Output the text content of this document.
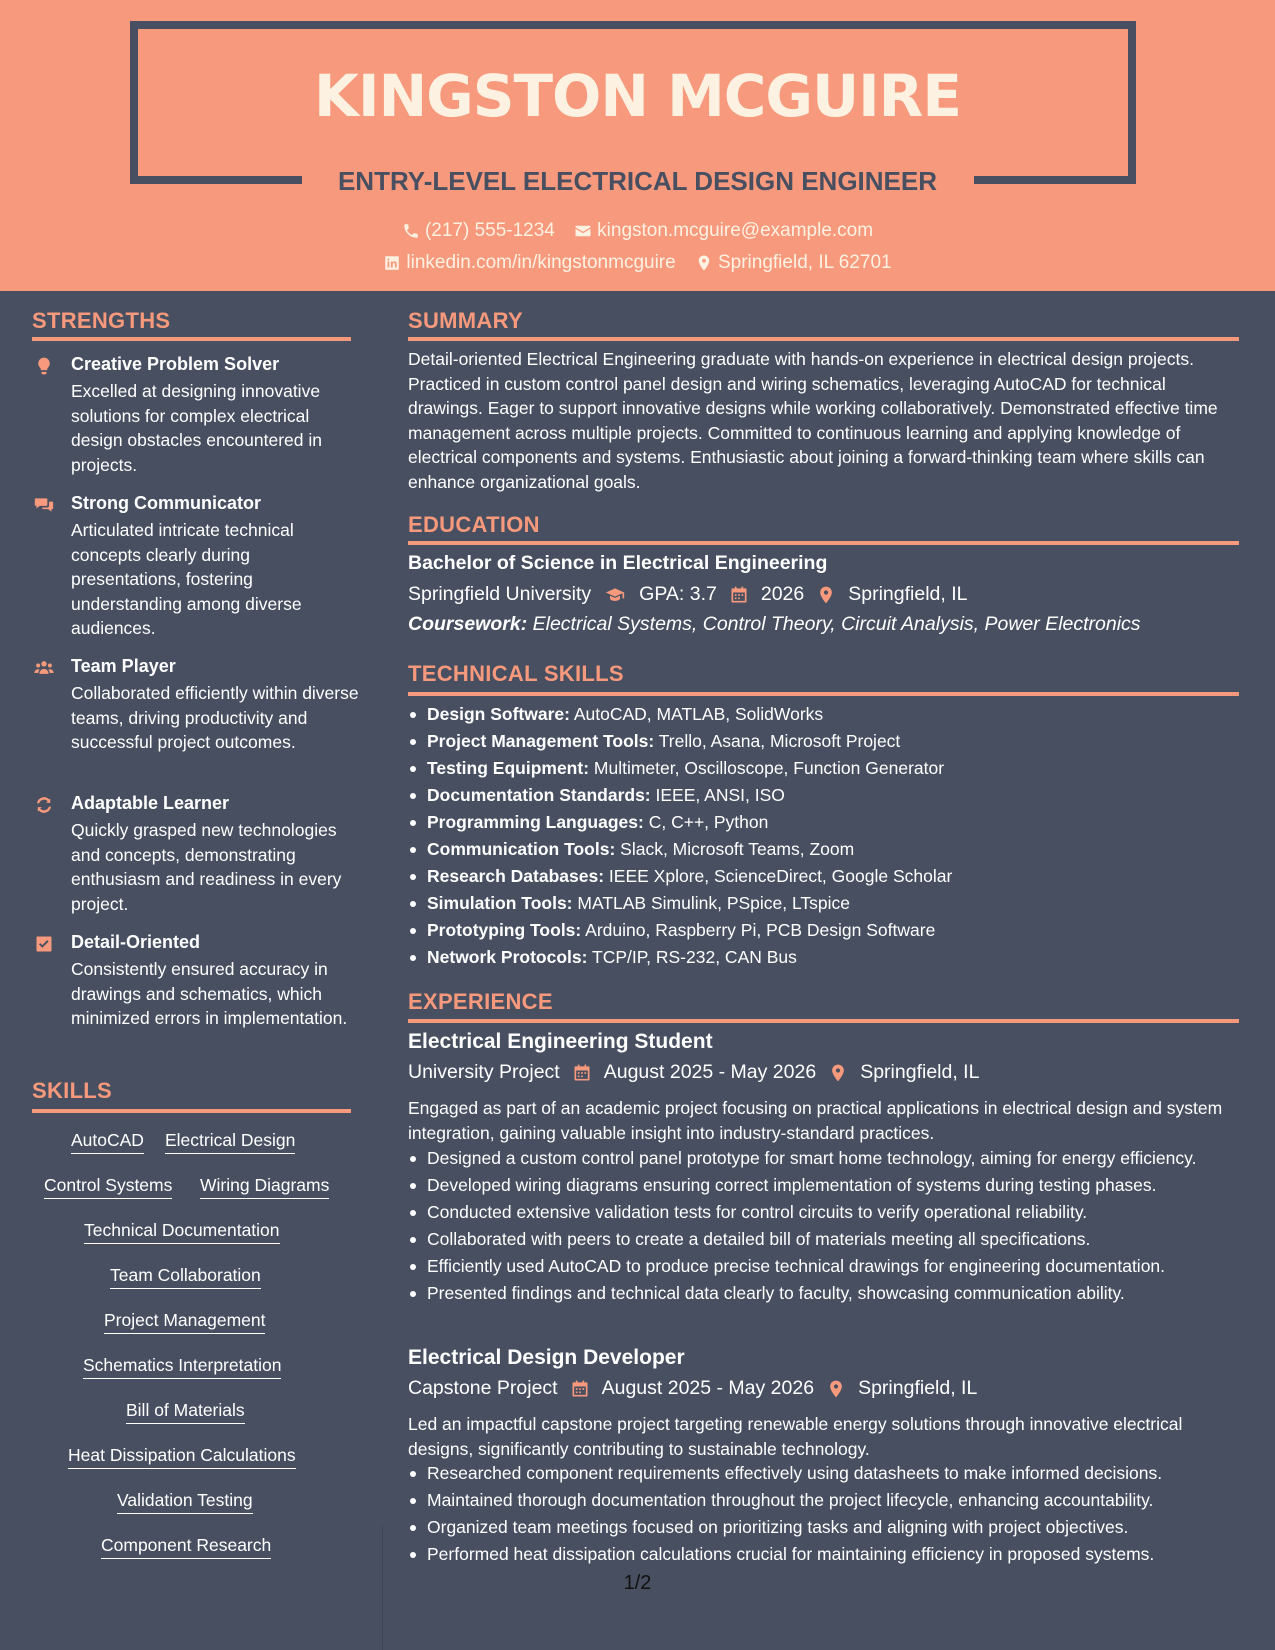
KINGSTON MCGUIRE
ENTRY-LEVEL ELECTRICAL DESIGN ENGINEER
(217) 555-1234
kingston.mcguire@example.com
linkedin.com/in/kingstonmcguire
Springfield, IL 62701
STRENGTHS
Creative Problem Solver
Excelled at designing innovative solutions for complex electrical design obstacles encountered in projects.
Strong Communicator
Articulated intricate technical concepts clearly during presentations, fostering understanding among diverse audiences.
Team Player
Collaborated efficiently within diverse teams, driving productivity and successful project outcomes.
Adaptable Learner
Quickly grasped new technologies and concepts, demonstrating enthusiasm and readiness in every project.
Detail-Oriented
Consistently ensured accuracy in drawings and schematics, which minimized errors in implementation.
SKILLS
AutoCAD Electrical Design
Control Systems Wiring Diagrams
Technical Documentation
Team Collaboration
Project Management
Schematics Interpretation
Bill of Materials
Heat Dissipation Calculations
Validation Testing
Component Research
SUMMARY
Detail-oriented Electrical Engineering graduate with hands-on experience in electrical design projects. Practiced in custom control panel design and wiring schematics, leveraging AutoCAD for technical drawings. Eager to support innovative designs while working collaboratively. Demonstrated effective time management across multiple projects. Committed to continuous learning and applying knowledge of electrical components and systems. Enthusiastic about joining a forward-thinking team where skills can enhance organizational goals.
EDUCATION
Bachelor of Science in Electrical Engineering
Springfield University GPA: 3.7 2026 Springfield, IL
Coursework: Electrical Systems, Control Theory, Circuit Analysis, Power Electronics
TECHNICAL SKILLS
Design Software: AutoCAD, MATLAB, SolidWorks
Project Management Tools: Trello, Asana, Microsoft Project
Testing Equipment: Multimeter, Oscilloscope, Function Generator
Documentation Standards: IEEE, ANSI, ISO
Programming Languages: C, C++, Python
Communication Tools: Slack, Microsoft Teams, Zoom
Research Databases: IEEE Xplore, ScienceDirect, Google Scholar
Simulation Tools: MATLAB Simulink, PSpice, LTspice
Prototyping Tools: Arduino, Raspberry Pi, PCB Design Software
Network Protocols: TCP/IP, RS-232, CAN Bus
EXPERIENCE
Electrical Engineering Student
University Project August 2025 - May 2026 Springfield, IL
Engaged as part of an academic project focusing on practical applications in electrical design and system integration, gaining valuable insight into industry-standard practices.
Designed a custom control panel prototype for smart home technology, aiming for energy efficiency.
Developed wiring diagrams ensuring correct implementation of systems during testing phases.
Conducted extensive validation tests for control circuits to verify operational reliability.
Collaborated with peers to create a detailed bill of materials meeting all specifications.
Efficiently used AutoCAD to produce precise technical drawings for engineering documentation.
Presented findings and technical data clearly to faculty, showcasing communication ability.
Electrical Design Developer
Capstone Project August 2025 - May 2026 Springfield, IL
Led an impactful capstone project targeting renewable energy solutions through innovative electrical designs, significantly contributing to sustainable technology.
Researched component requirements effectively using datasheets to make informed decisions.
Maintained thorough documentation throughout the project lifecycle, enhancing accountability.
Organized team meetings focused on prioritizing tasks and aligning with project objectives.
Performed heat dissipation calculations crucial for maintaining efficiency in proposed systems.
1/2
